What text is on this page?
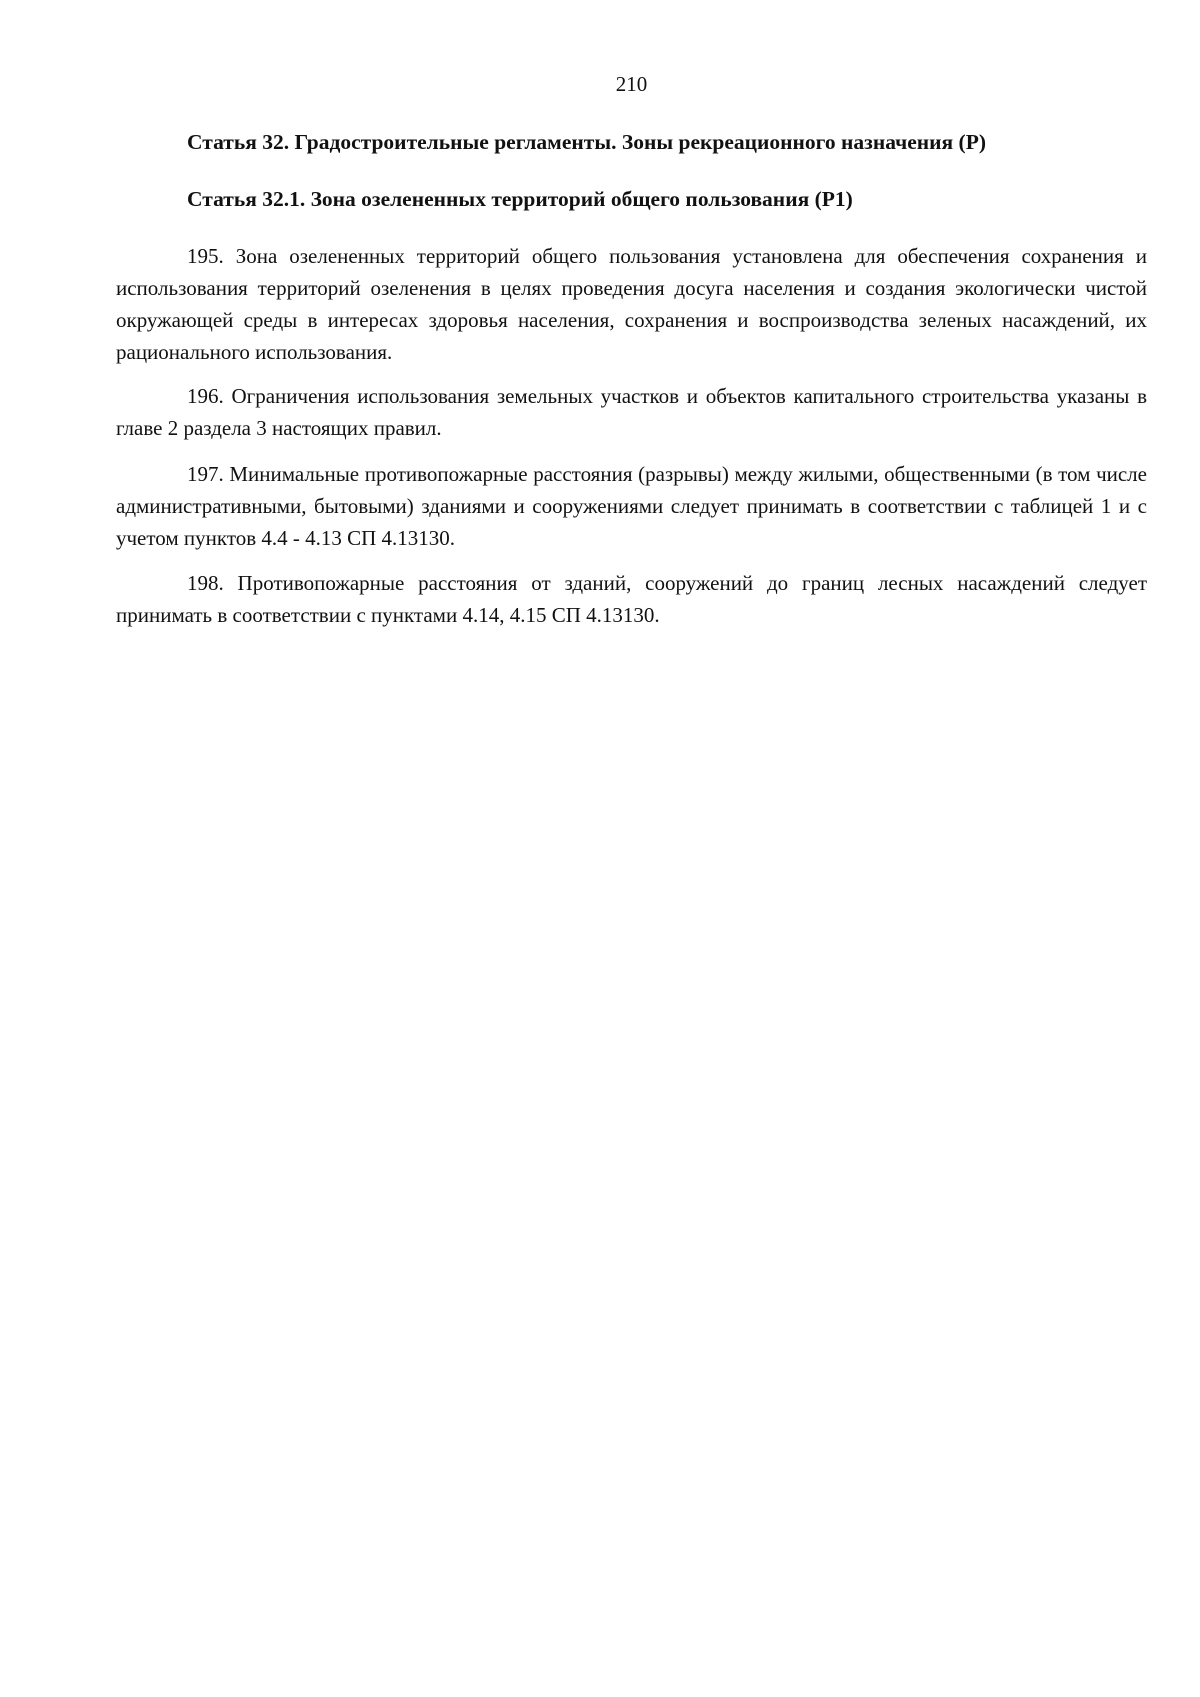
210
Статья 32. Градостроительные регламенты. Зоны рекреационного назначения (Р)
Статья 32.1. Зона озелененных территорий общего пользования (Р1)

195. Зона озелененных территорий общего пользования установлена для обеспечения сохранения и использования территорий озеленения в целях проведения досуга населения и создания экологически чистой окружающей среды в интересах здоровья населения, сохранения и воспроизводства зеленых насаждений, их рационального использования.

196. Ограничения использования земельных участков и объектов капитального строительства указаны в главе 2 раздела 3 настоящих правил.

197. Минимальные противопожарные расстояния (разрывы) между жилыми, общественными (в том числе административными, бытовыми) зданиями и сооружениями следует принимать в соответствии с таблицей 1 и с учетом пунктов 4.4 - 4.13 СП 4.13130.

198. Противопожарные расстояния от зданий, сооружений до границ лесных насаждений следует принимать в соответствии с пунктами 4.14, 4.15 СП 4.13130.
